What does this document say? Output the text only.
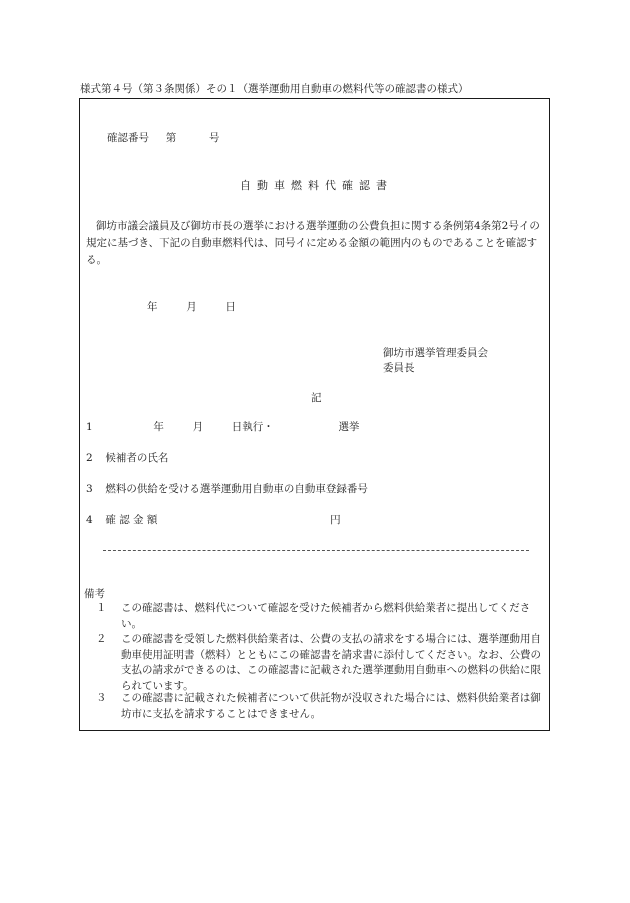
様式第４号（第３条関係）その１（選挙運動用自動車の燃料代等の確認書の様式）
確認番号 第	号
自動車燃料代確認書
御坊市議会議員及び御坊市長の選挙における選挙運動の公費負担に関する条例第4条第2号イの規定に基づき、下記の自動車燃料代は、同号イに定める金額の範囲内のものであることを確認する。
年	月	日
御坊市選挙管理委員会
委員長
記
1	年	月	日執行・	選挙
2 候補者の氏名
3 燃料の供給を受ける選挙運動用自動車の自動車登録番号
4 確 認 金 額	円
備考
１ この確認書は、燃料代について確認を受けた候補者から燃料供給業者に提出してください。
２ この確認書を受領した燃料供給業者は、公費の支払の請求をする場合には、選挙運動用自動車使用証明書（燃料）とともにこの確認書を請求書に添付してください。なお、公費の支払の請求ができるのは、この確認書に記載された選挙運動用自動車への燃料の供給に限られています。
３ この確認書に記載された候補者について供託物が没収された場合には、燃料供給業者は御坊市に支払を請求することはできません。
